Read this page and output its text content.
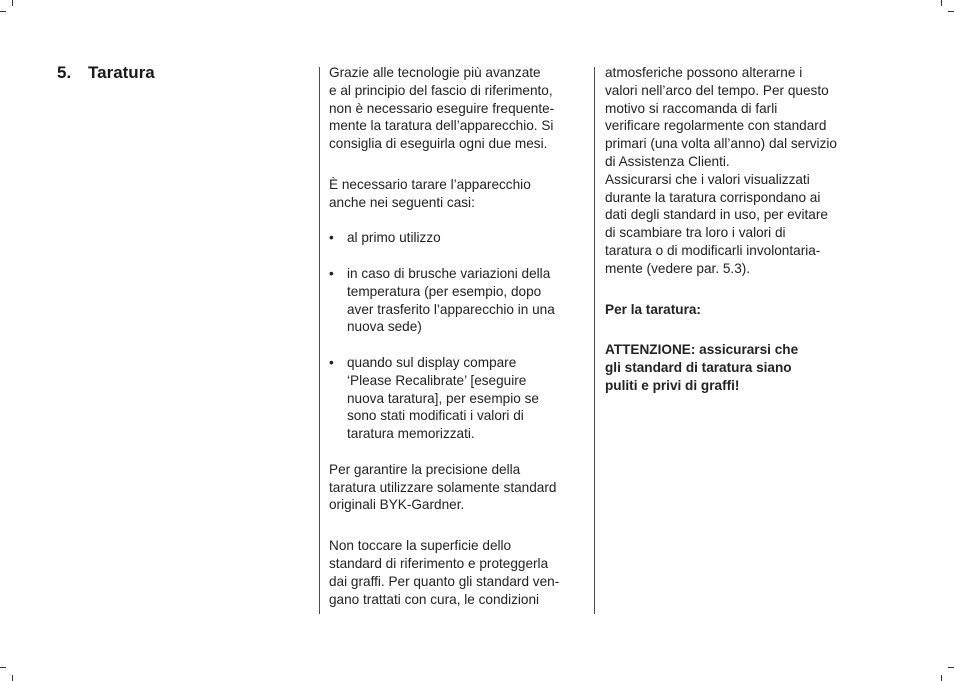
5. Taratura	Grazie alle tecnologie più avanzate

e al principio del fascio di riferimento,

non è necessario eseguire frequente-

mente la taratura dell’apparecchio. Si

consiglia di eseguirla ogni due mesi.

È necessario tarare l’apparecchio

anche nei seguenti casi:

• al primo utilizzo

• in caso di brusche variazioni della

temperatura (per esempio, dopo

aver trasferito l’apparecchio in una

nuova sede)

• quando sul display compare

‘Please Recalibrate’ [eseguire

nuova taratura], per esempio se

sono stati modificati i valori di

taratura memorizzati.

Per garantire la precisione della

taratura utilizzare solamente standard

originali BYK-Gardner.

Non toccare la superficie dello

standard di riferimento e proteggerla

dai graffi. Per quanto gli standard ven-

gano trattati con cura, le condizioni

atmosferiche possono alterarne i

valori nell’arco del tempo. Per questo

motivo si raccomanda di farli

verificare regolarmente con standard

primari (una volta all’anno) dal servizio

di Assistenza Clienti.

Assicurarsi che i valori visualizzati

durante la taratura corrispondano ai

dati degli standard in uso, per evitare

di scambiare tra loro i valori di

taratura o di modificarli involontaria-

mente (vedere par. 5.3).

Per la taratura:

ATTENZIONE: assicurarsi che

gli standard di taratura siano

puliti e privi di graffi!
